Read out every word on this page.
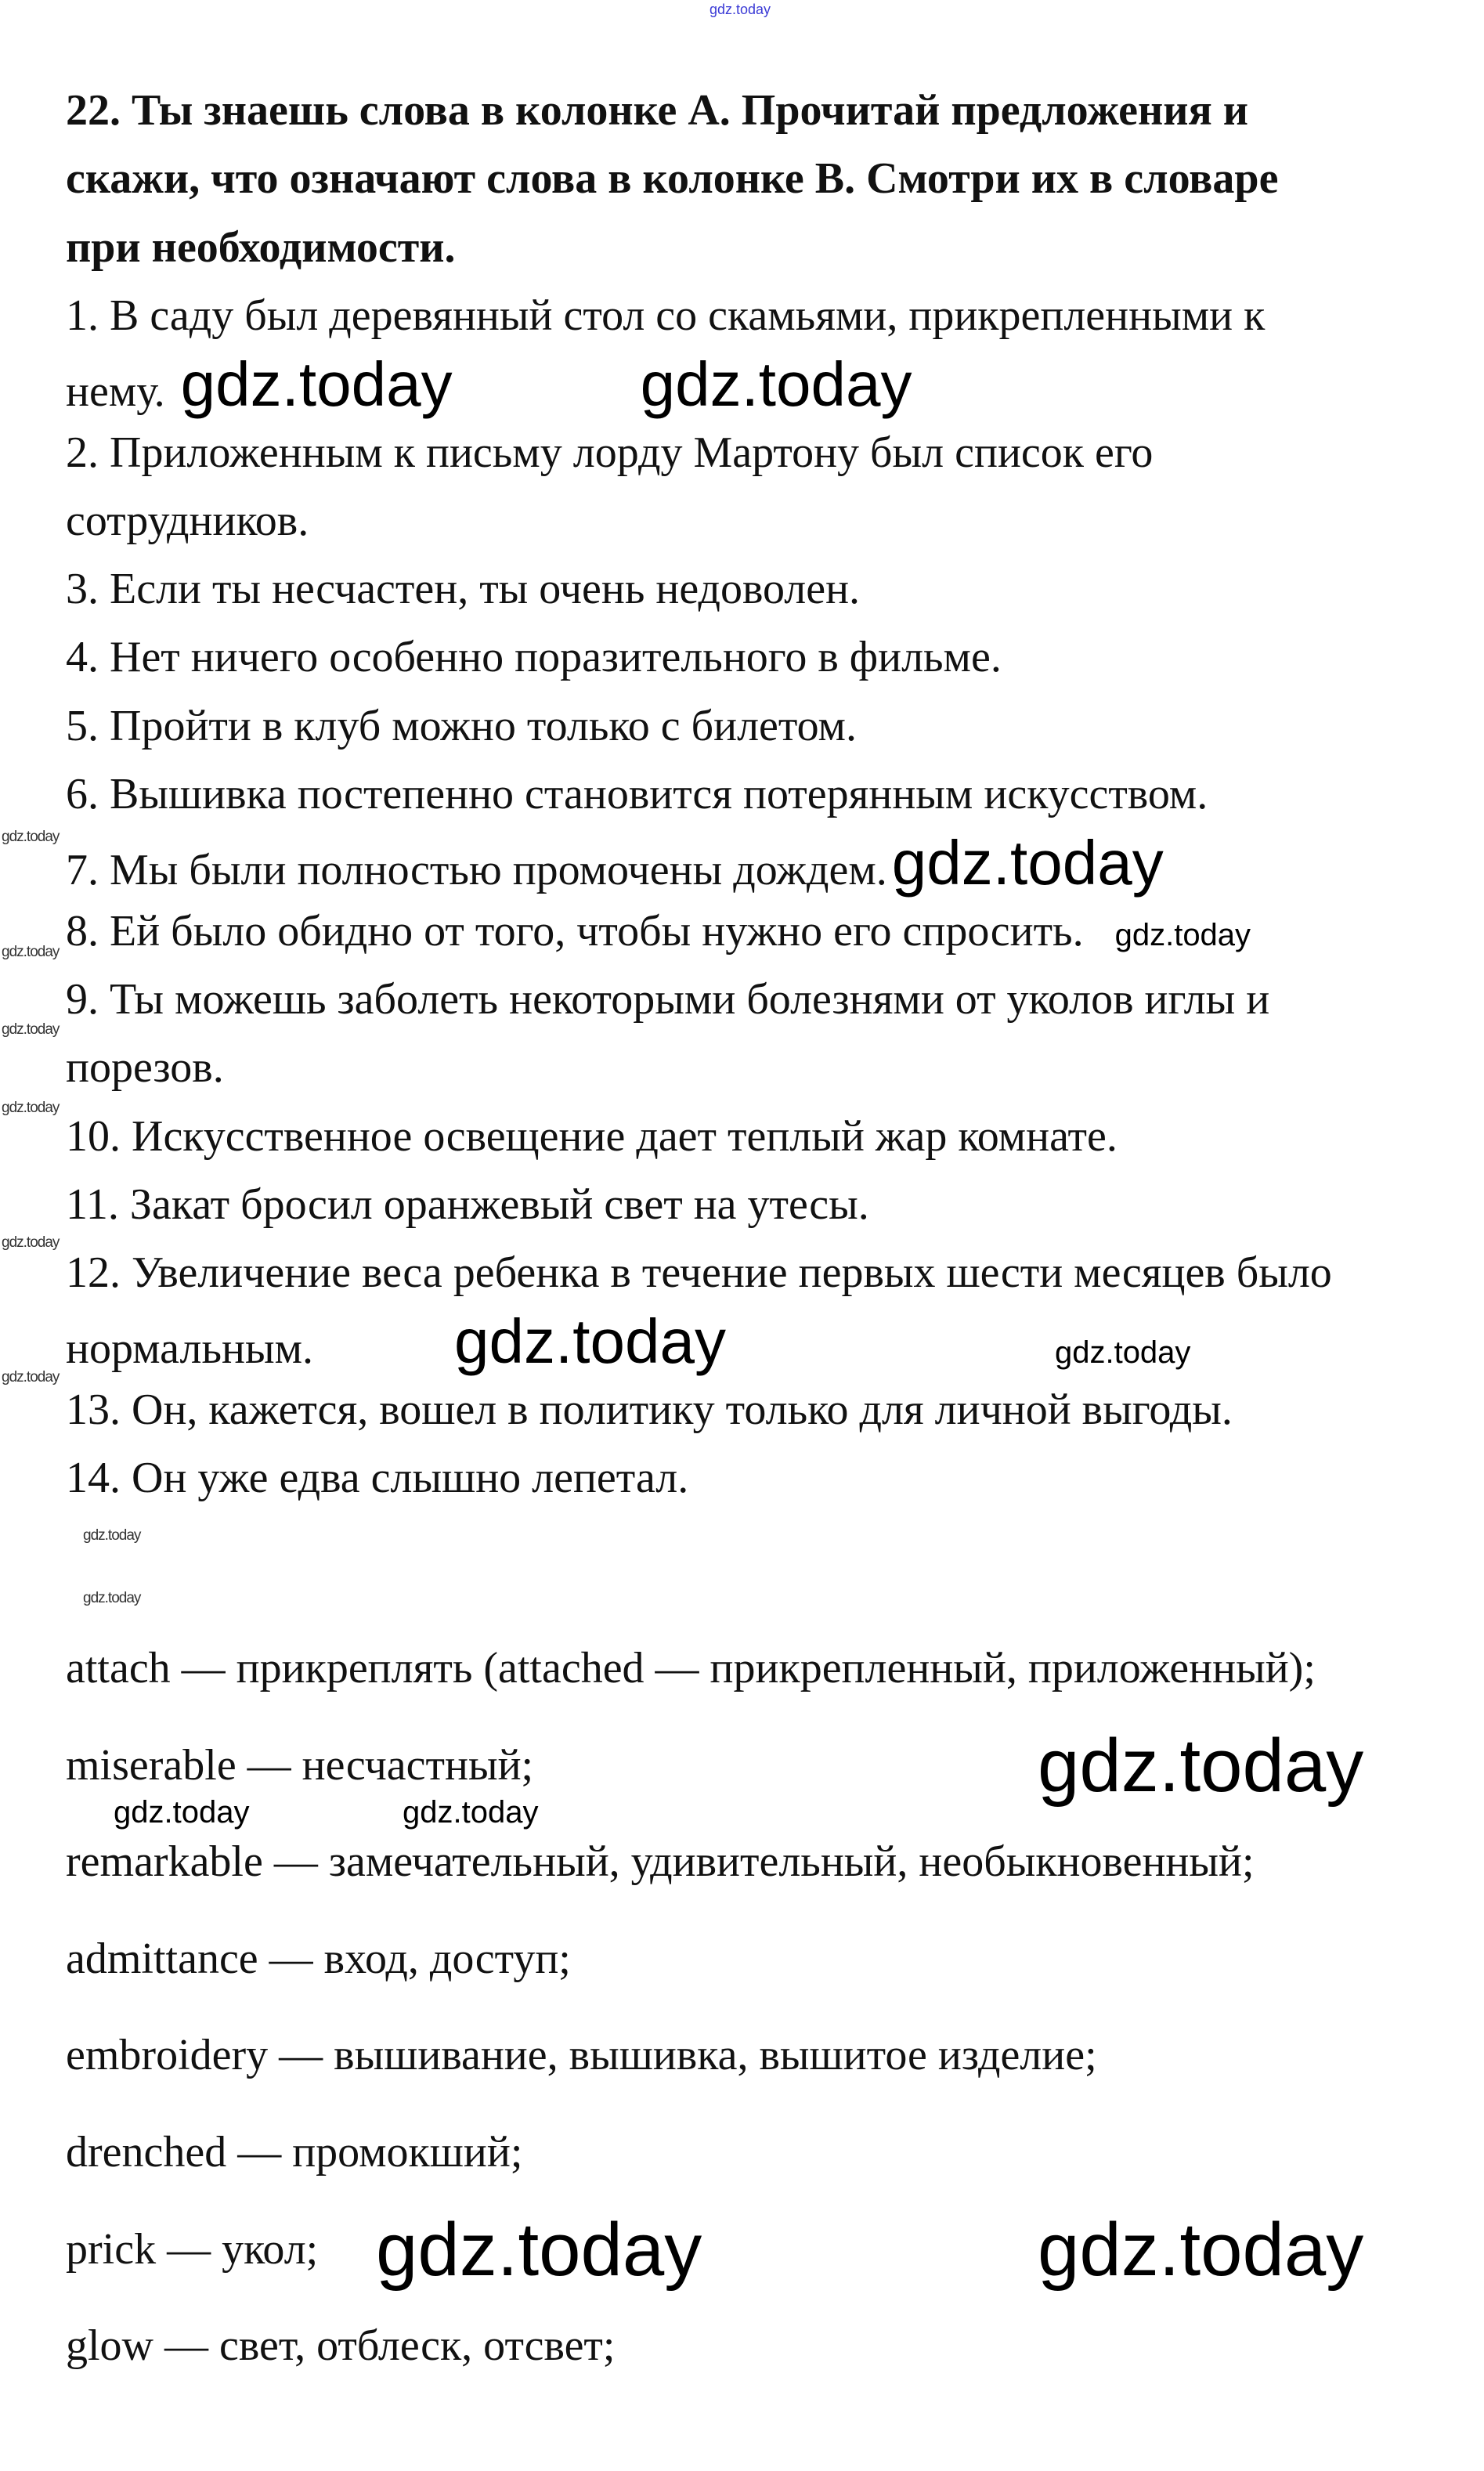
22. Ты знаешь слова в колонке А. Прочитай предложения и
скажи, что означают слова в колонке В. Смотри их в словаре
при необходимости.
1. В саду был деревянный стол со скамьями, прикрепленными к
нему. gdz.today	gdz.today
2. Приложенным к письму лорду Мартону был список его
сотрудников.
3. Если ты несчастен, ты очень недоволен.
4. Нет ничего особенно поразительного в фильме.
5. Пройти в клуб можно только с билетом.
6. Вышивка постепенно становится потерянным искусством.
7. Мы были полностью промочены дождем.gdz.today
8. Ей было обидно от того, чтобы нужно его спросить. gdz.today
9. Ты можешь заболеть некоторыми болезнями от уколов иглы и
порезов.
10. Искусственное освещение дает теплый жар комнате.
11. Закат бросил оранжевый свет на утесы.
12. Увеличение веса ребенка в течение первых шести месяцев было
нормальным. gdz.today	gdz.today
13. Он, кажется, вошел в политику только для личной выгоды.
14. Он уже едва слышно лепетал.
attach — прикреплять (attached — прикрепленный, приложенный);
miserable — несчастный;
remarkable — замечательный, удивительный, необыкновенный;
admittance — вход, доступ;
embroidery — вышивание, вышивка, вышитое изделие;
drenched — промокший;
prick — укол;
glow — свет, отблеск, отсвет;
gdz.today
gdz.today
gdz.today	gdz.today
gdz.today	gdz.today
gdz.today
gdz.today
gdz.today
gdz.today
gdz.today
gdz.today
gdz.today
gdz.today
